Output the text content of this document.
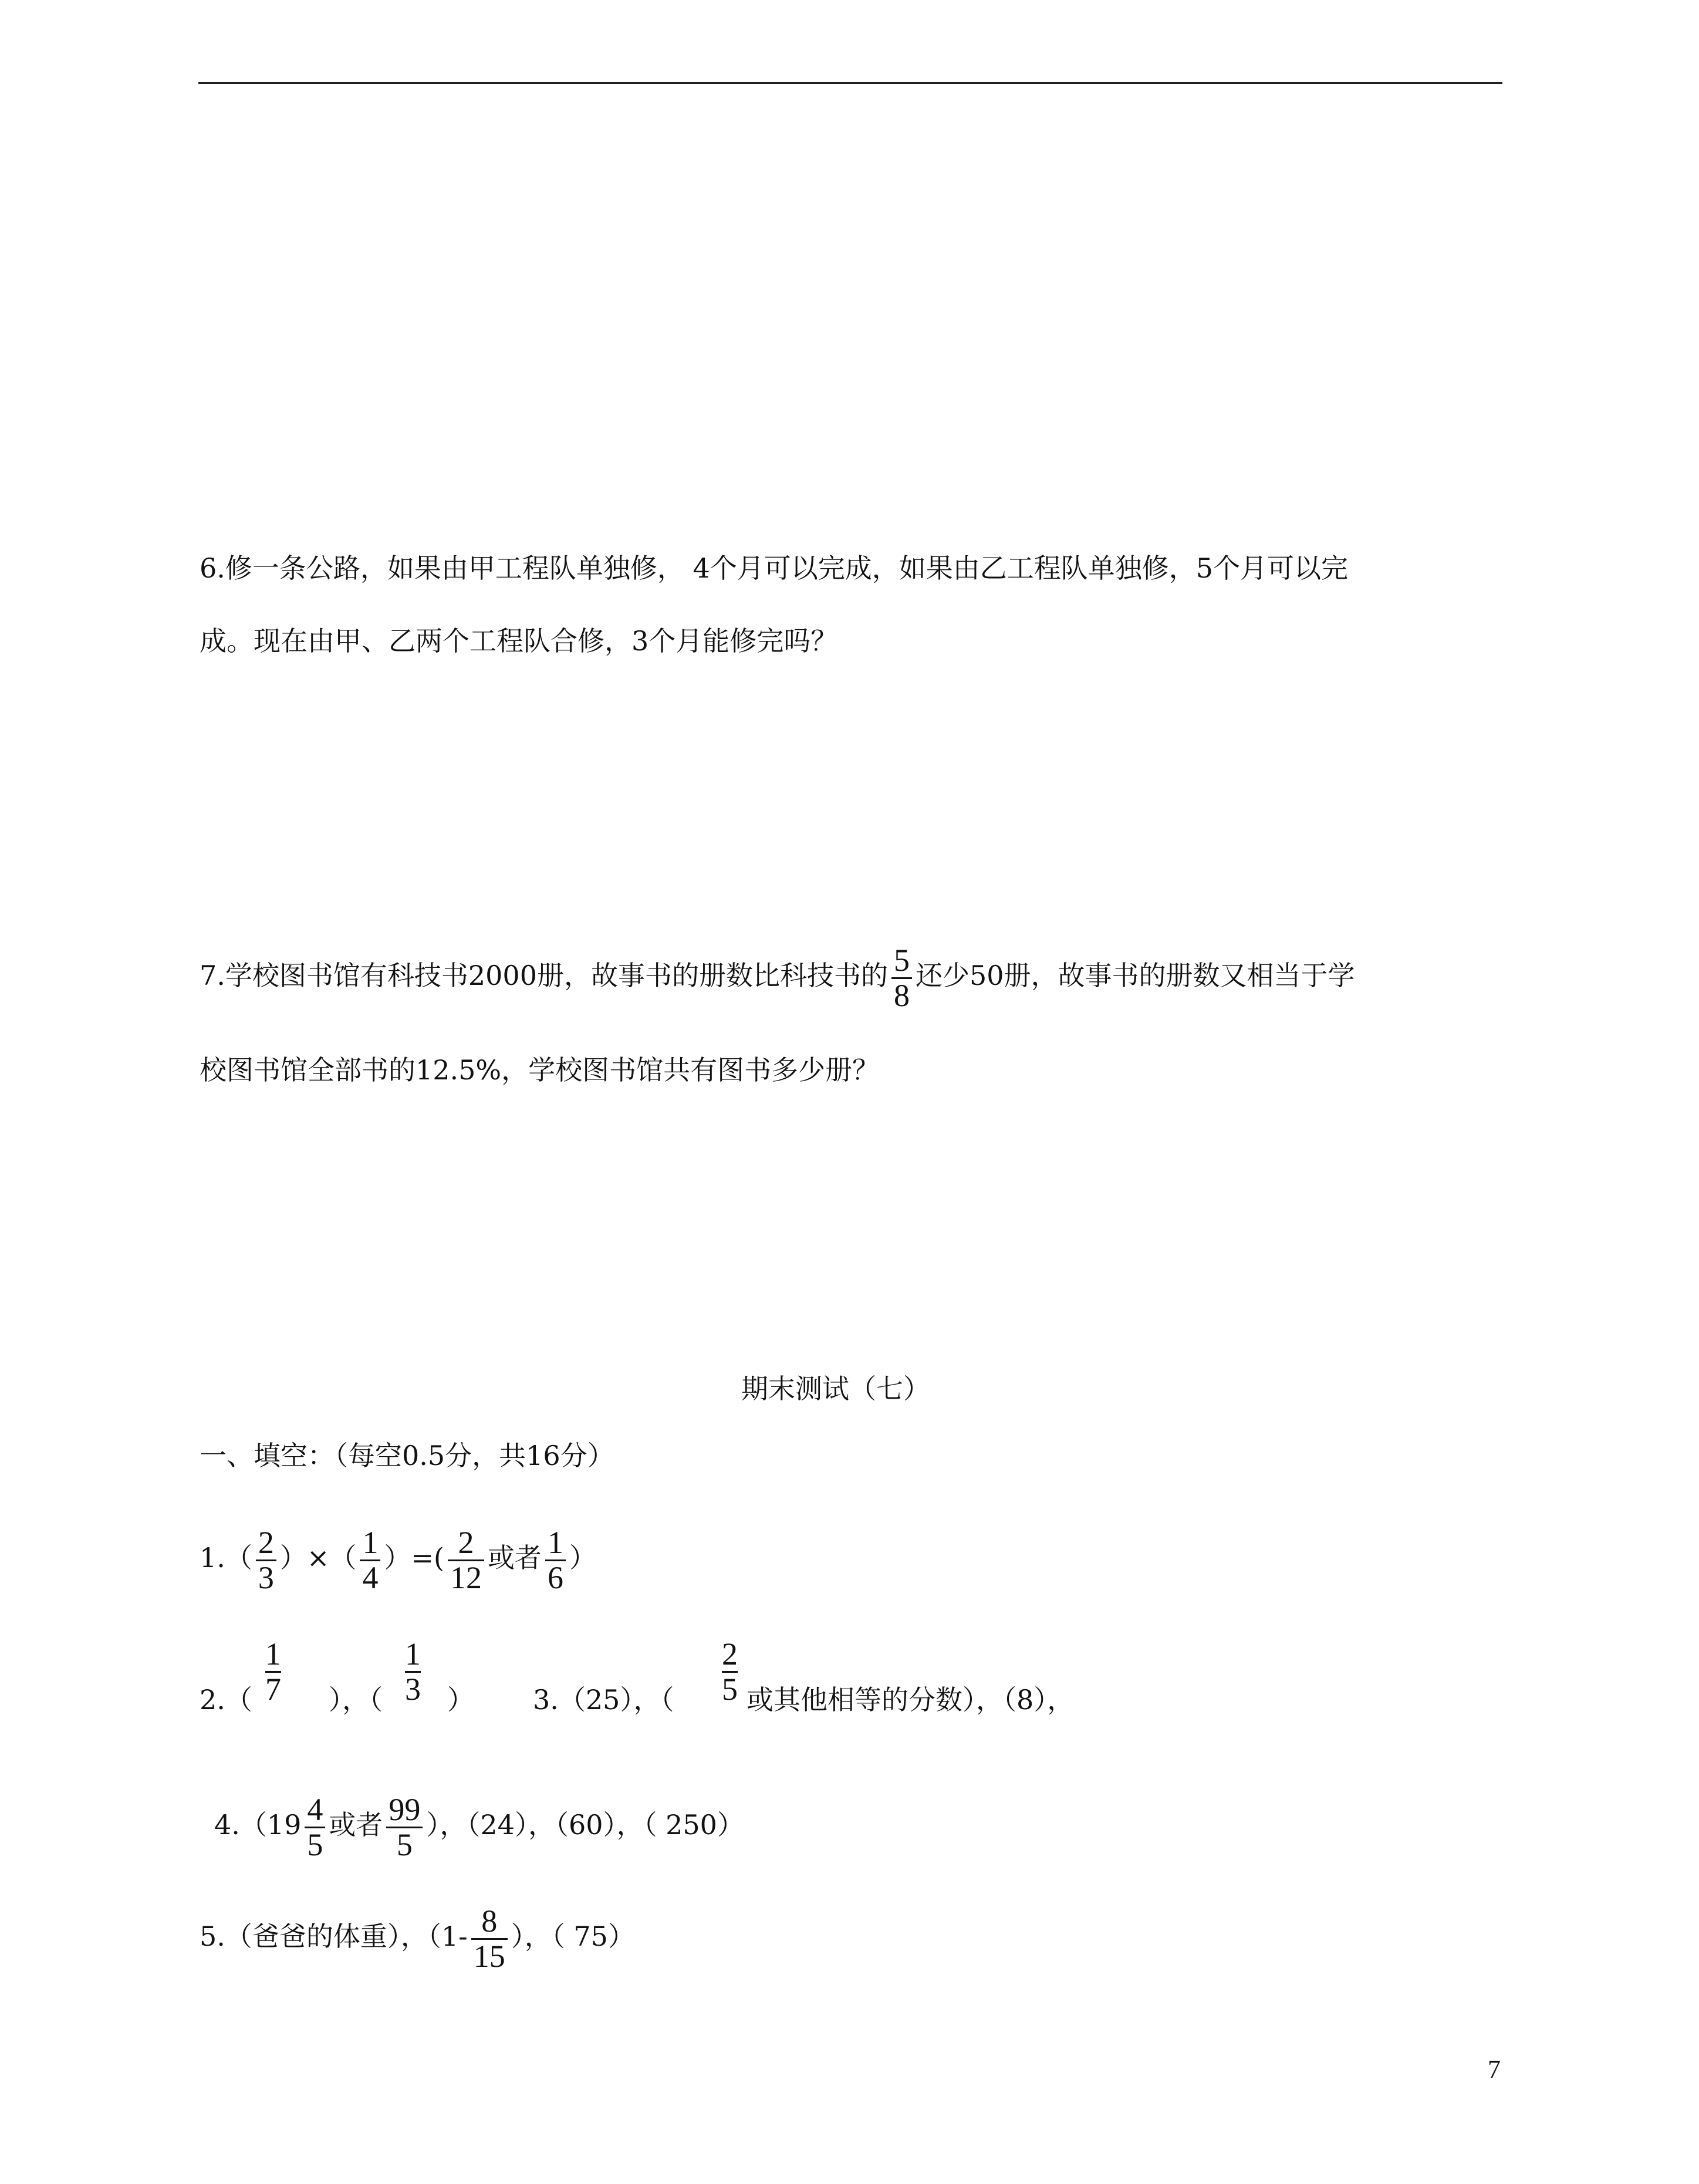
6.修一条公路，如果由甲工程队单独修， 4个月可以完成，如果由乙工程队单独修，5个月可以完
成。现在由甲、乙两个工程队合修，3个月能修完吗？
7.学校图书馆有科技书2000册，故事书的册数比科技书的 $\frac{5}{8}$ 还少50册，故事书的册数又相当于学
校图书馆全部书的12.5%，学校图书馆共有图书多少册？
期末测试（七）
一、填空：（每空0.5分，共16分）
$1.( \frac{2}{3}$ ）×（ $\frac{1}{4}$ ）=( $\frac{2}{12}$ 或者 $\frac{1}{6}$ ）
$\frac{1}{7}$	$\frac{1}{3}$	$\frac{2}{5}$
2.（	），（ ） 3.（25），（	或其他相等的分数），（8），
$4.(19 \frac{4}{5}$ 或者 $\frac{99}{5}$ ），（24），（60），（ 250）
5.（爸爸的体重），（$1- \frac{8}{15}$ ），（ 75）
7
